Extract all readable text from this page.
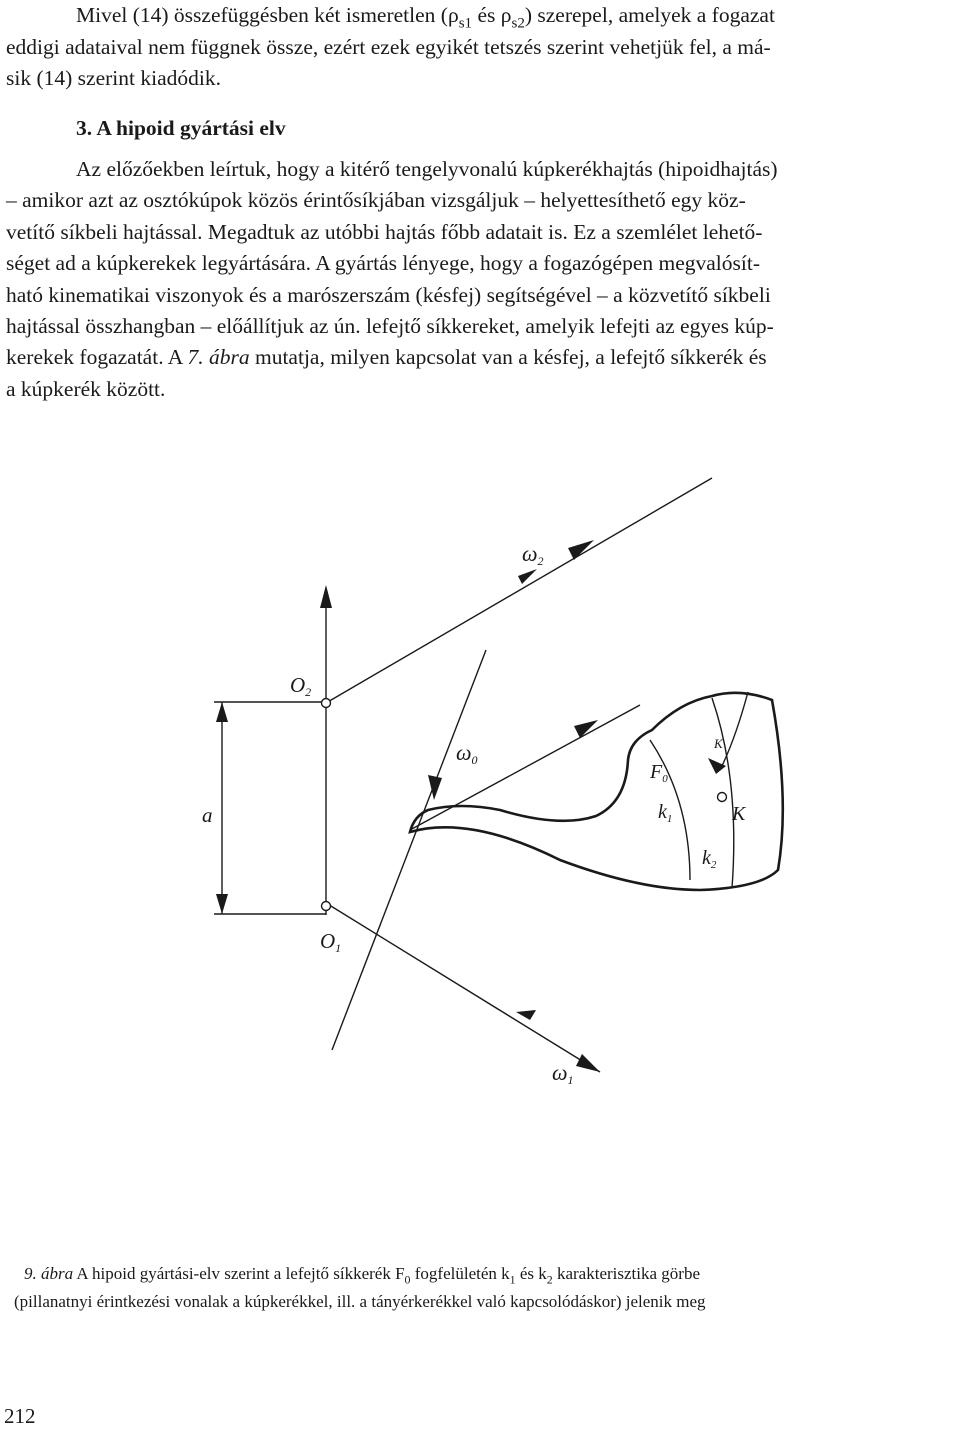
Mivel (14) összefüggésben két ismeretlen ($\rho_{s1}$ és $\rho_{s2}$) szerepel, amelyek a fogazat
eddigi adataival nem függnek össze, ezért ezek egyikét tetszés szerint vehetjük fel, a má-
sik (14) szerint kiadódik.
3. A hipoid gyártási elv
Az előzőekben leírtuk, hogy a kitérő tengelyvonalú kúpkerékhajtás (hipoidhajtás)
– amikor azt az osztókúpok közös érintősíkjában vizsgáljuk – helyettesíthető egy köz-
vetítő síkbeli hajtással. Megadtuk az utóbbi hajtás főbb adatait is. Ez a szemlélet lehető-
séget ad a kúpkerekek legyártására. A gyártás lényege, hogy a fogazógépen megvalósít-
ható kinematikai viszonyok és a marószerszám (késfej) segítségével – a közvetítő síkbeli
hajtással összhangban – előállítjuk az ún. lefejtő síkkereket, amelyik lefejti az egyes kúp-
kerekek fogazatát. A 7. ábra mutatja, milyen kapcsolat van a késfej, a lefejtő síkkerék és
a kúpkerék között.
ω2
O2
ω0
a
O1
ω1
$F_0$
K
$k_1$	K
$k_2$
9. ábra A hipoid gyártási-elv szerint a lefejtő síkkerék $F_0$ fogfelületén $k_1$ és $k_2$ karakterisztika görbe
(pillanatnyi érintkezési vonalak a kúpkerékkel, ill. a tányérkerékkel való kapcsolódáskor) jelenik meg
212
